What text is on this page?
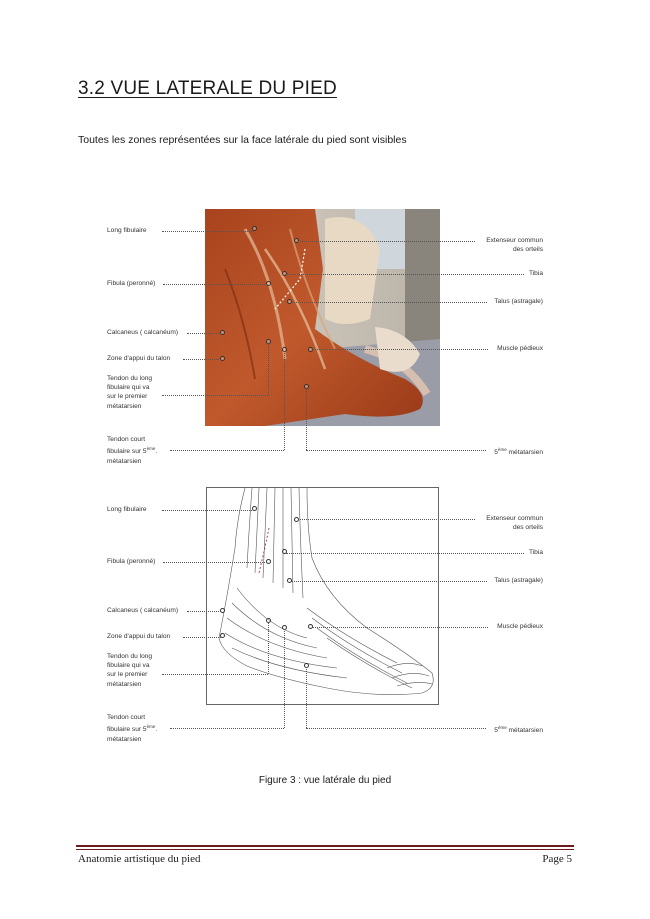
3.2 VUE LATERALE DU PIED
Toutes les zones représentées sur la face latérale du pied sont visibles
Long fibulaire
Fibula (peronné)
Calcaneus ( calcanéum)
Zone d'appui du talon
Tendon du long
fibulaire qui va
sur le premier
métatarsien
Tendon court
fibulaire sur 5ème.
métatarsien
Extenseur commun
des orteils
Tibia
Talus (astragale)
Muscle pédieux
5ème métatarsien
Long fibulaire
Fibula (peronné)
Calcaneus ( calcanéum)
Zone d'appui du talon
Tendon du long
fibulaire qui va
sur le premier
métatarsien
Tendon court
fibulaire sur 5ème.
métatarsien
Extenseur commun
des orteils
Tibia
Talus (astragale)
Muscle pédieux
5ème métatarsien
Figure 3 : vue latérale du pied
Anatomie artistique du pied	Page 5
